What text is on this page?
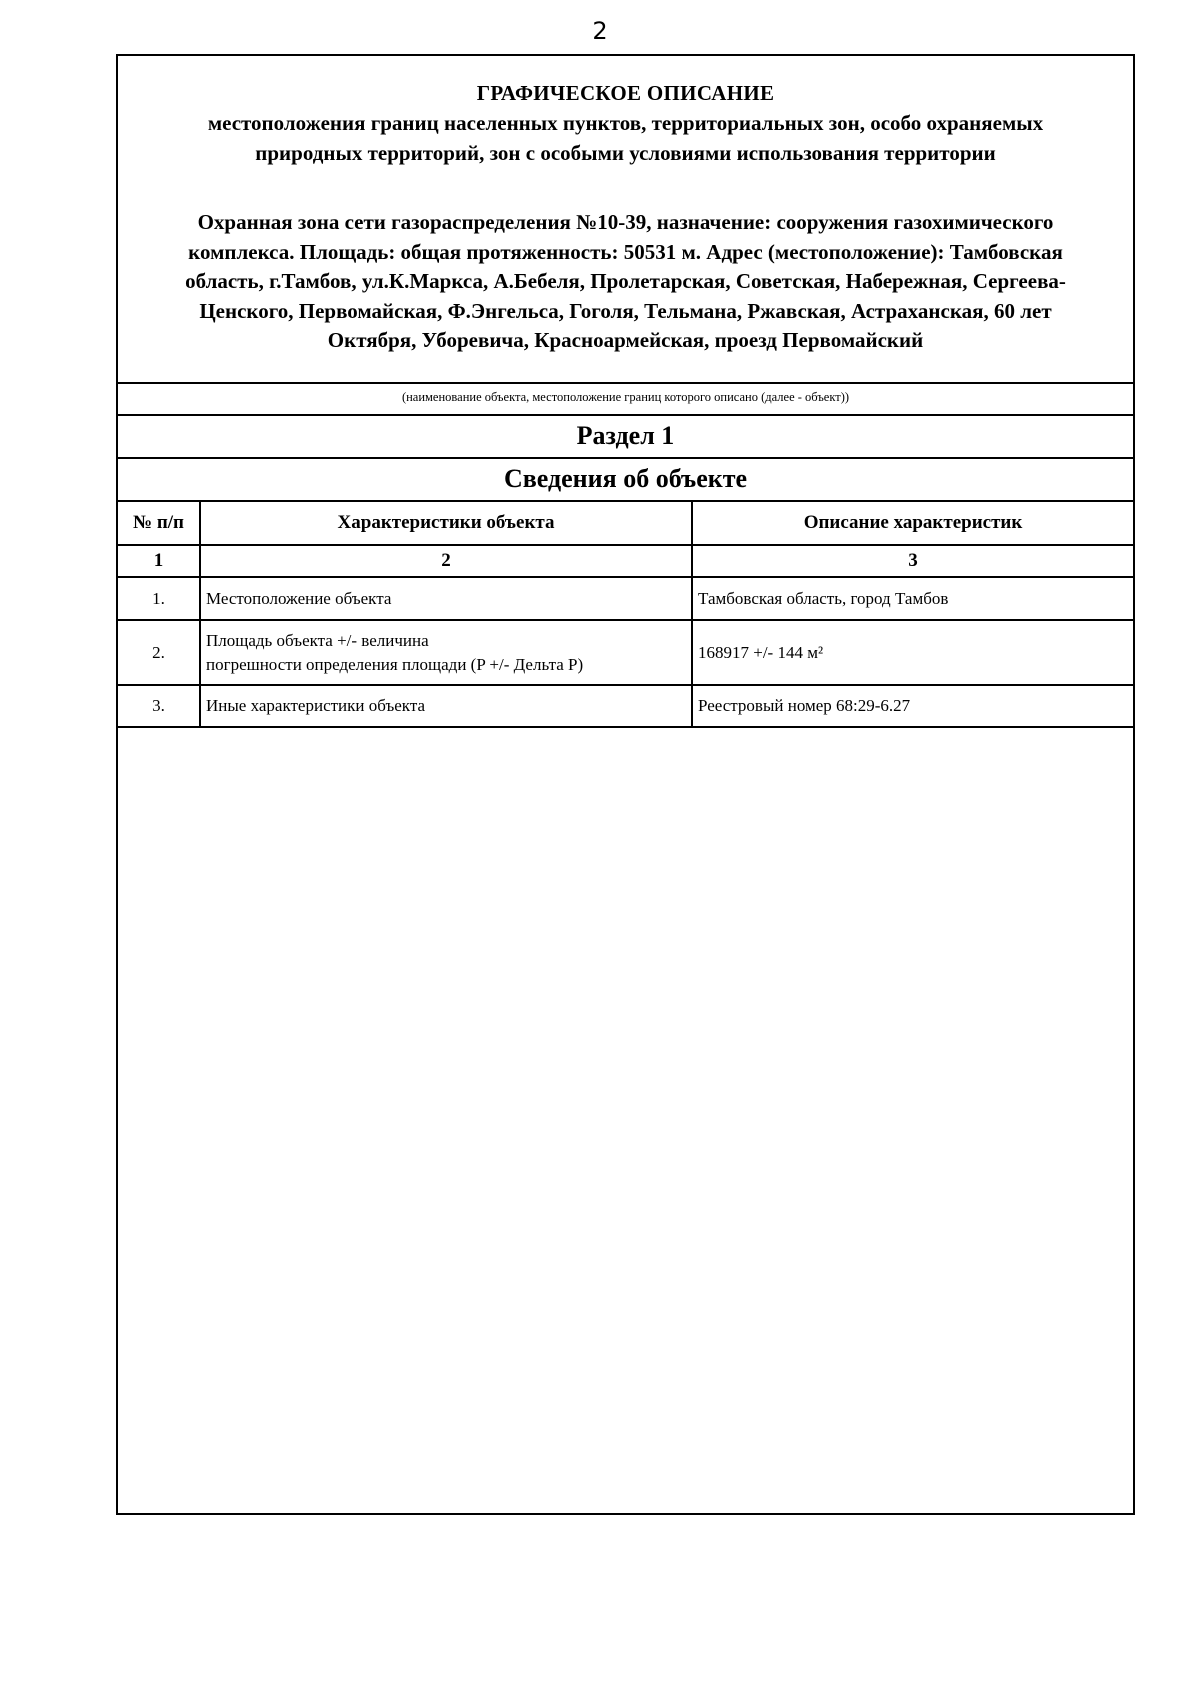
2
ГРАФИЧЕСКОЕ ОПИСАНИЕ
местоположения границ населенных пунктов, территориальных зон, особо охраняемых
природных территорий, зон с особыми условиями использования территории
Охранная зона сети газораспределения №10-39, назначение: сооружения газохимического
комплекса. Площадь: общая протяженность: 50531 м. Адрес (местоположение): Тамбовская
область, г.Тамбов, ул.К.Маркса, А.Бебеля, Пролетарская, Советская, Набережная, Сергеева-
Ценского, Первомайская, Ф.Энгельса, Гоголя, Тельмана, Ржавская, Астраханская, 60 лет
Октября, Уборевича, Красноармейская, проезд Первомайский
(наименование объекта, местоположение границ которого описано (далее - объект))
Раздел 1
Сведения об объекте
№ п/п	Характеристики объекта	Описание характеристик
1	2	3
1.	Местоположение объекта	Тамбовская область, город Тамбов
2.	Площадь объекта +/- величина
погрешности определения площади (P +/- Дельта P)	168917 +/- 144 м²
3.	Иные характеристики объекта	Реестровый номер 68:29-6.27
